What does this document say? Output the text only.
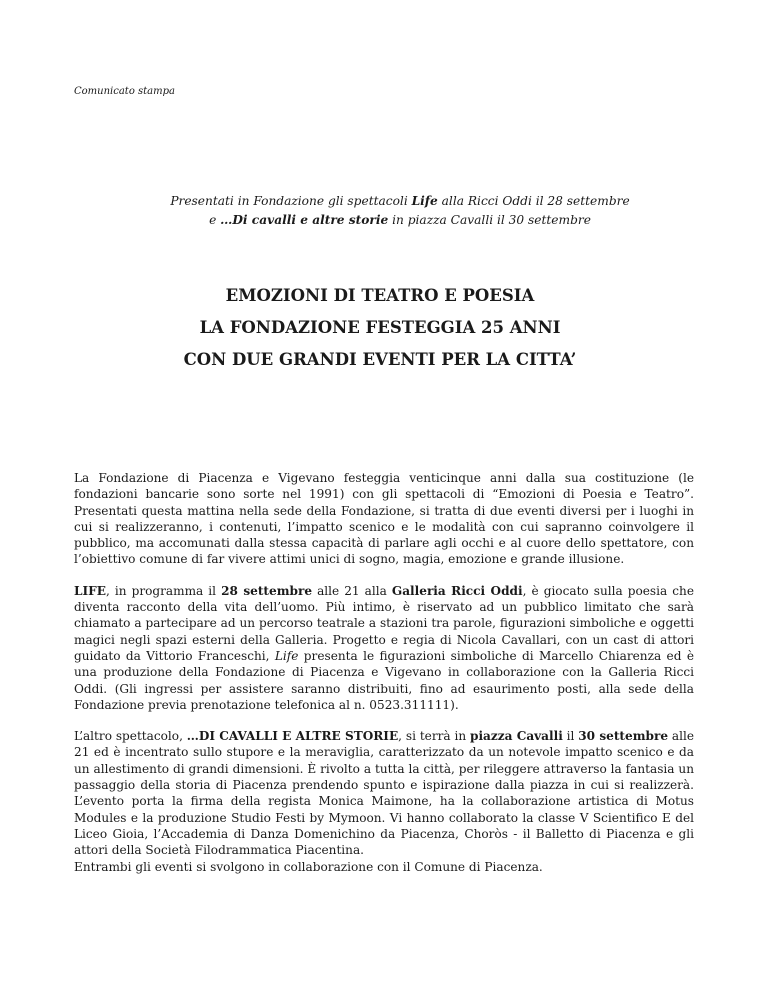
Comunicato stampa
Presentati in Fondazione gli spettacoli Life alla Ricci Oddi il 28 settembre
e …Di cavalli e altre storie in piazza Cavalli il 30 settembre
EMOZIONI DI TEATRO E POESIA
LA FONDAZIONE FESTEGGIA 25 ANNI
CON DUE GRANDI EVENTI PER LA CITTA’

La Fondazione di Piacenza e Vigevano festeggia venticinque anni dalla sua costituzione (le fondazioni bancarie sono sorte nel 1991) con gli spettacoli di “Emozioni di Poesia e Teatro”. Presentati questa mattina nella sede della Fondazione, si tratta di due eventi diversi per i luoghi in cui si realizzeranno, i contenuti, l’impatto scenico e le modalità con cui sapranno coinvolgere il pubblico, ma accomunati dalla stessa capacità di parlare agli occhi e al cuore dello spettatore, con l’obiettivo comune di far vivere attimi unici di sogno, magia, emozione e grande illusione.

LIFE, in programma il 28 settembre alle 21 alla Galleria Ricci Oddi, è giocato sulla poesia che diventa racconto della vita dell’uomo. Più intimo, è riservato ad un pubblico limitato che sarà chiamato a partecipare ad un percorso teatrale a stazioni tra parole, figurazioni simboliche e oggetti magici negli spazi esterni della Galleria. Progetto e regia di Nicola Cavallari, con un cast di attori guidato da Vittorio Franceschi, Life presenta le figurazioni simboliche di Marcello Chiarenza ed è una produzione della Fondazione di Piacenza e Vigevano in collaborazione con la Galleria Ricci Oddi. (Gli ingressi per assistere saranno distribuiti, fino ad esaurimento posti, alla sede della Fondazione previa prenotazione telefonica al n. 0523.311111).

L’altro spettacolo, …DI CAVALLI E ALTRE STORIE, si terrà in piazza Cavalli il 30 settembre alle 21 ed è incentrato sullo stupore e la meraviglia, caratterizzato da un notevole impatto scenico e da un allestimento di grandi dimensioni. È rivolto a tutta la città, per rileggere attraverso la fantasia un passaggio della storia di Piacenza prendendo spunto e ispirazione dalla piazza in cui si realizzerà. L’evento porta la firma della regista Monica Maimone, ha la collaborazione artistica di Motus Modules e la produzione Studio Festi by Mymoon. Vi hanno collaborato la classe V Scientifico E del Liceo Gioia, l’Accademia di Danza Domenichino da Piacenza, Chorὸs - il Balletto di Piacenza e gli attori della Società Filodrammatica Piacentina.

Entrambi gli eventi si svolgono in collaborazione con il Comune di Piacenza.
